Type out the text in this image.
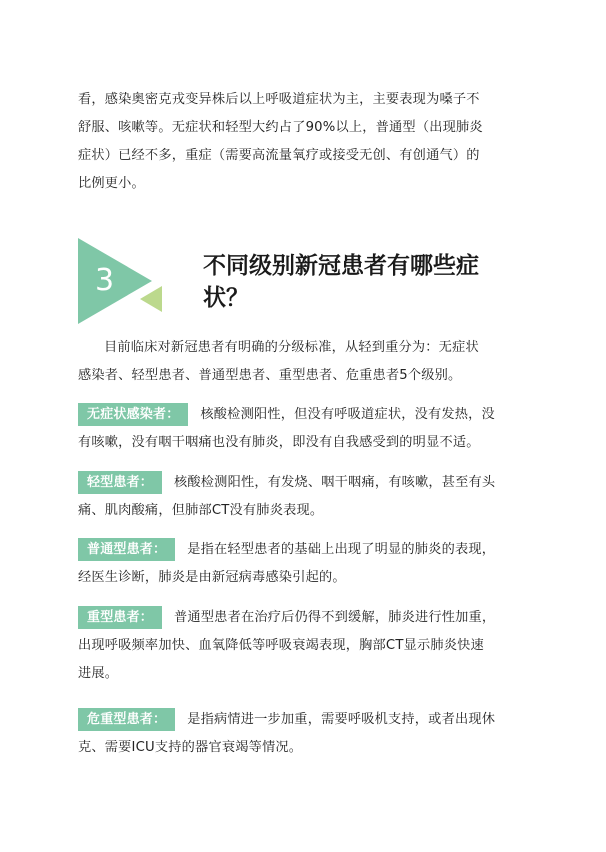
看，感染奥密克戎变异株后以上呼吸道症状为主，主要表现为嗓子不
舒服、咳嗽等。无症状和轻型大约占了90%以上，普通型（出现肺炎
症状）已经不多，重症（需要高流量氧疗或接受无创、有创通气）的
比例更小。

3	不同级别新冠患者有哪些症
状？

目前临床对新冠患者有明确的分级标准，从轻到重分为：无症状
感染者、轻型患者、普通型患者、重型患者、危重患者5个级别。

无症状感染者： 核酸检测阳性，但没有呼吸道症状，没有发热，没
有咳嗽，没有咽干咽痛也没有肺炎，即没有自我感受到的明显不适。

轻型患者： 核酸检测阳性，有发烧、咽干咽痛，有咳嗽，甚至有头
痛、肌肉酸痛，但肺部CT没有肺炎表现。

普通型患者： 是指在轻型患者的基础上出现了明显的肺炎的表现，
经医生诊断，肺炎是由新冠病毒感染引起的。

重型患者： 普通型患者在治疗后仍得不到缓解，肺炎进行性加重，
出现呼吸频率加快、血氧降低等呼吸衰竭表现，胸部CT显示肺炎快速
进展。

危重型患者： 是指病情进一步加重，需要呼吸机支持，或者出现休
克、需要ICU支持的器官衰竭等情况。
